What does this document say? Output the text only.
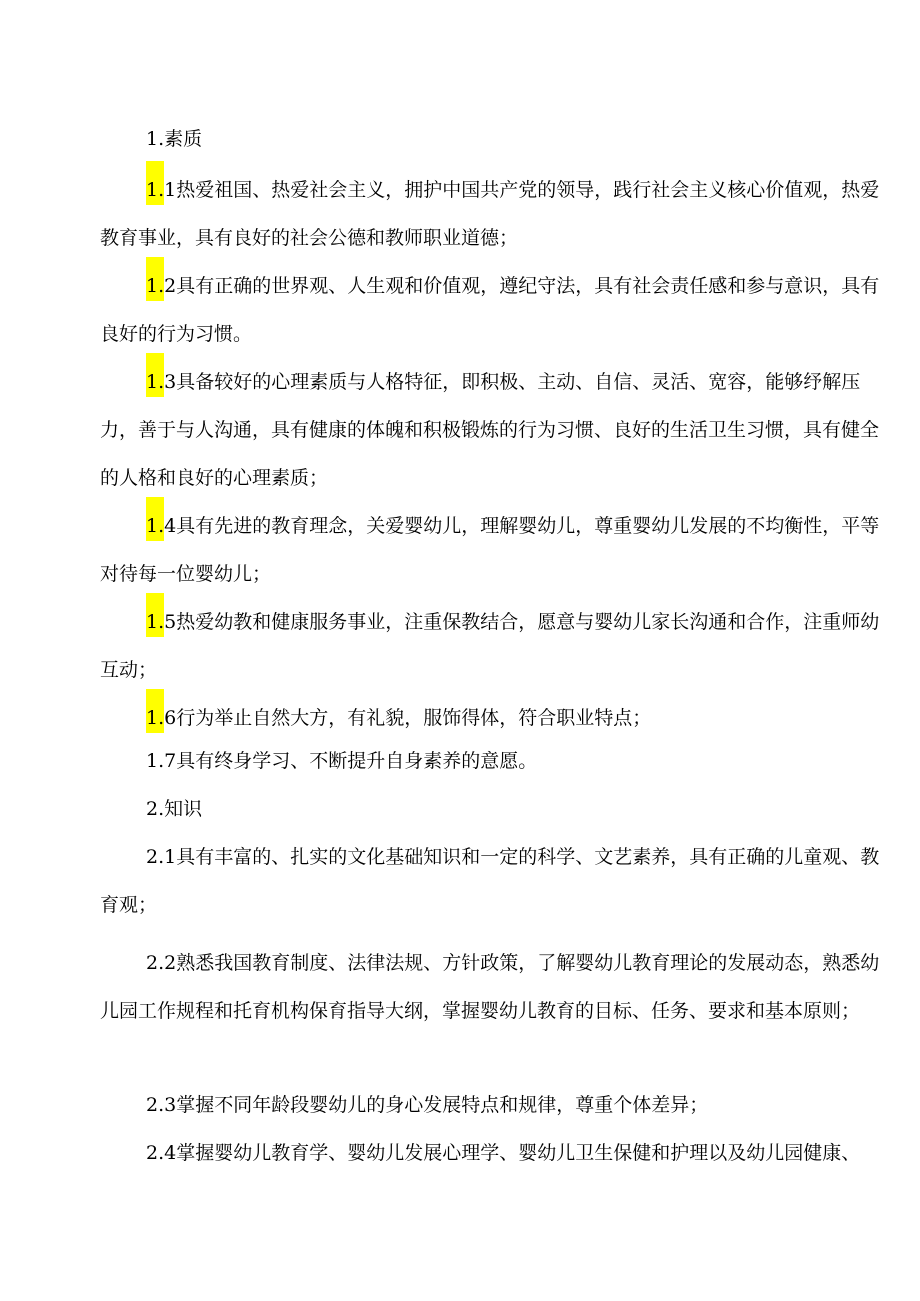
1.素质

1.1热爱祖国、热爱社会主义，拥护中国共产党的领导，践行社会主义核心价值观，热爱教育事业，具有良好的社会公德和教师职业道德；

1.2具有正确的世界观、人生观和价值观，遵纪守法，具有社会责任感和参与意识，具有良好的行为习惯。

1.3具备较好的心理素质与人格特征，即积极、主动、自信、灵活、宽容，能够纾解压力，善于与人沟通，具有健康的体魄和积极锻炼的行为习惯、良好的生活卫生习惯，具有健全的人格和良好的心理素质；

1.4具有先进的教育理念，关爱婴幼儿，理解婴幼儿，尊重婴幼儿发展的不均衡性，平等对待每一位婴幼儿；

1.5热爱幼教和健康服务事业，注重保教结合，愿意与婴幼儿家长沟通和合作，注重师幼互动；

1.6行为举止自然大方，有礼貌，服饰得体，符合职业特点；

1.7具有终身学习、不断提升自身素养的意愿。

2.知识

2.1具有丰富的、扎实的文化基础知识和一定的科学、文艺素养，具有正确的儿童观、教育观；

2.2熟悉我国教育制度、法律法规、方针政策，了解婴幼儿教育理论的发展动态，熟悉幼儿园工作规程和托育机构保育指导大纲，掌握婴幼儿教育的目标、任务、要求和基本原则；

2.3掌握不同年龄段婴幼儿的身心发展特点和规律，尊重个体差异；

2.4掌握婴幼儿教育学、婴幼儿发展心理学、婴幼儿卫生保健和护理以及幼儿园健康、
